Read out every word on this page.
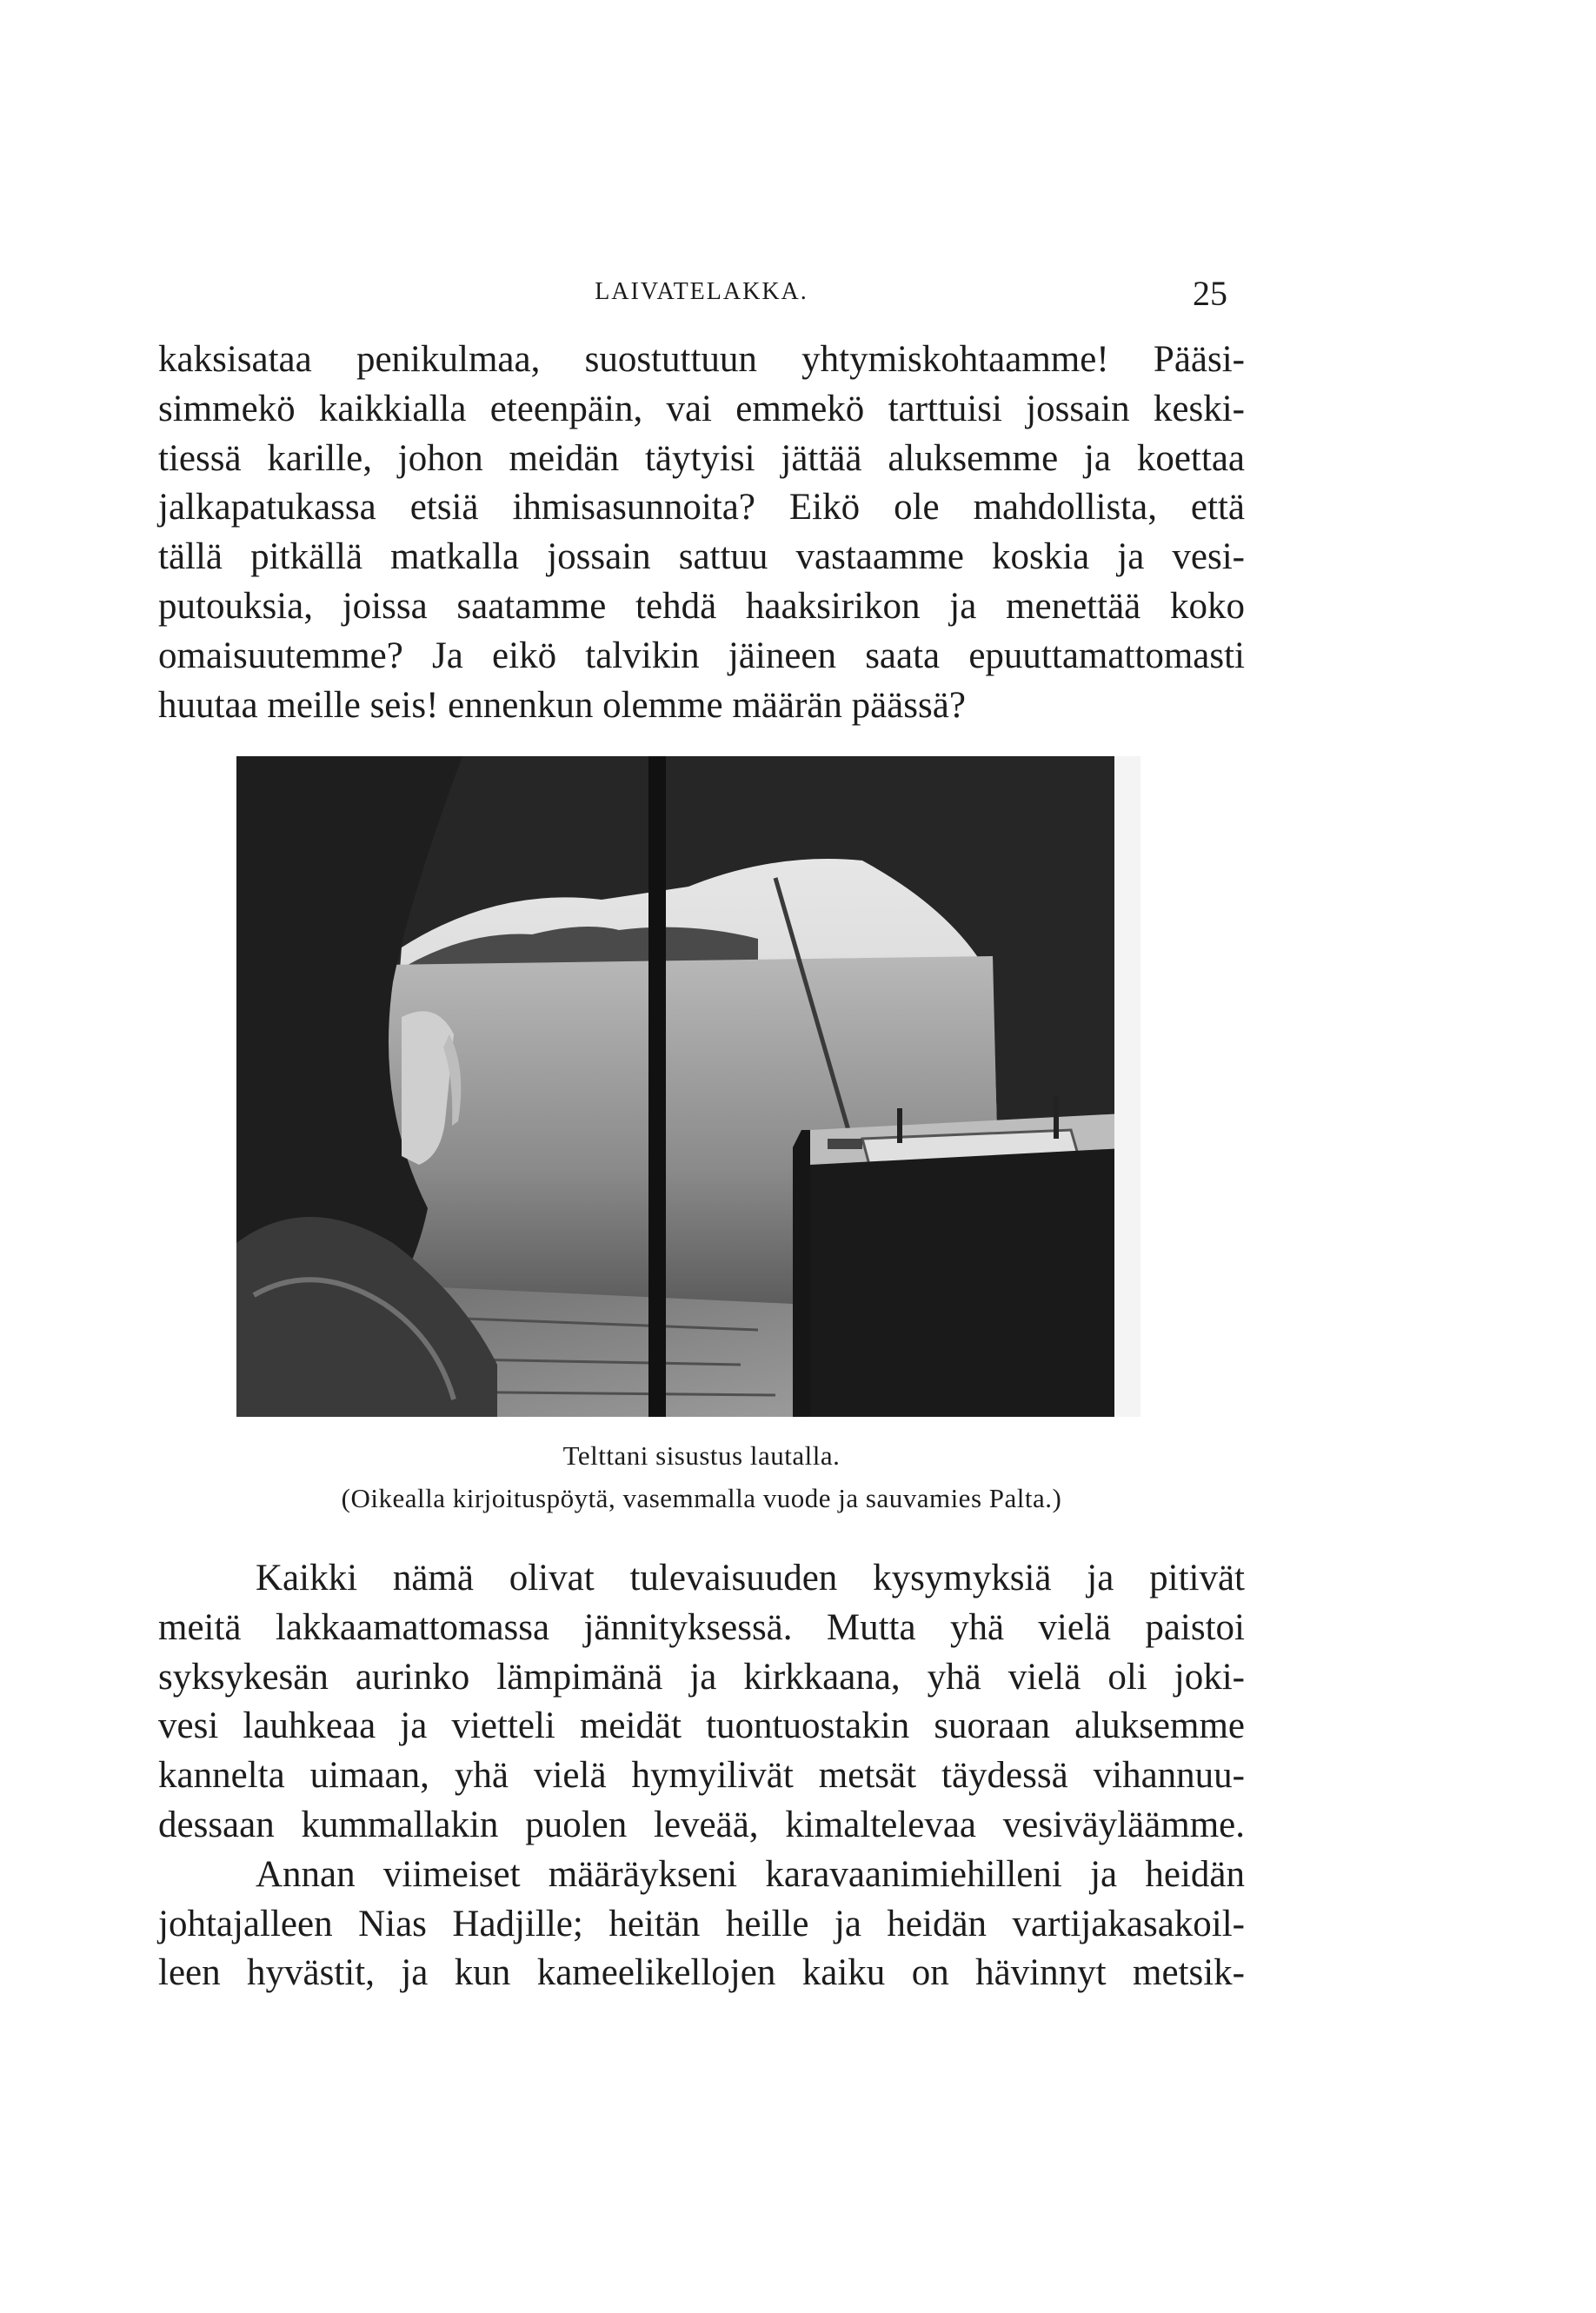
LAIVATELAKKA.	25
kaksisataa penikulmaa, suostuttuun yhtymiskohtaamme! Pääsi-
simmekö kaikkialla eteenpäin, vai emmekö tarttuisi jossain keski-
tiessä karille, johon meidän täytyisi jättää aluksemme ja koettaa
jalkapatukassa etsiä ihmisasunnoita? Eikö ole mahdollista, että
tällä pitkällä matkalla jossain sattuu vastaamme koskia ja vesi-
putouksia, joissa saatamme tehdä haaksirikon ja menettää koko
omaisuutemme? Ja eikö talvikin jäineen saata epuuttamattomasti
huutaa meille seis! ennenkun olemme määrän päässä?
Telttani sisustus lautalla.
(Oikealla kirjoituspöytä, vasemmalla vuode ja sauvamies Palta.)
Kaikki nämä olivat tulevaisuuden kysymyksiä ja pitivät
meitä lakkaamattomassa jännityksessä. Mutta yhä vielä paistoi
syksykesän aurinko lämpimänä ja kirkkaana, yhä vielä oli joki-
vesi lauhkeaa ja vietteli meidät tuontuostakin suoraan aluksemme
kannelta uimaan, yhä vielä hymyilivät metsät täydessä vihannuu-
dessaan kummallakin puolen leveää, kimaltelevaa vesiväyläämme.
Annan viimeiset määräykseni karavaanimiehilleni ja heidän
johtajalleen Nias Hadjille; heitän heille ja heidän vartijakasakoil-
leen hyvästit, ja kun kameelikellojen kaiku on hävinnyt metsik-
